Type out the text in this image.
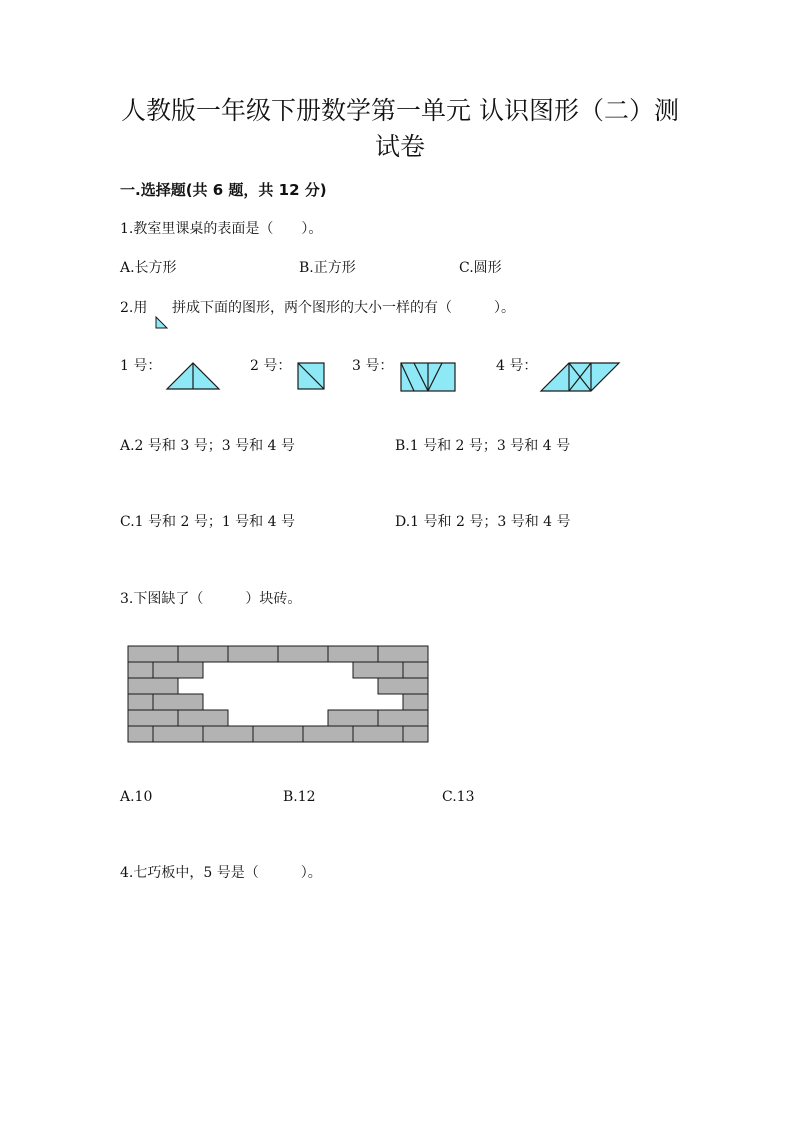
人教版一年级下册数学第一单元 认识图形（二）测
试卷
一.选择题(共 6 题，共 12 分)
1.教室里课桌的表面是（　　）。
A.长方形	B.正方形	C.圆形
2.用 拼成下面的图形，两个图形的大小一样的有（　　　）。
1 号：	2 号：	3 号：	4 号：
A.2 号和 3 号；3 号和 4 号	B.1 号和 2 号；3 号和 4 号
C.1 号和 2 号；1 号和 4 号	D.1 号和 2 号；3 号和 4 号
3.下图缺了（　　　）块砖。
A.10	B.12	C.13
4.七巧板中，5 号是（　　　）。
